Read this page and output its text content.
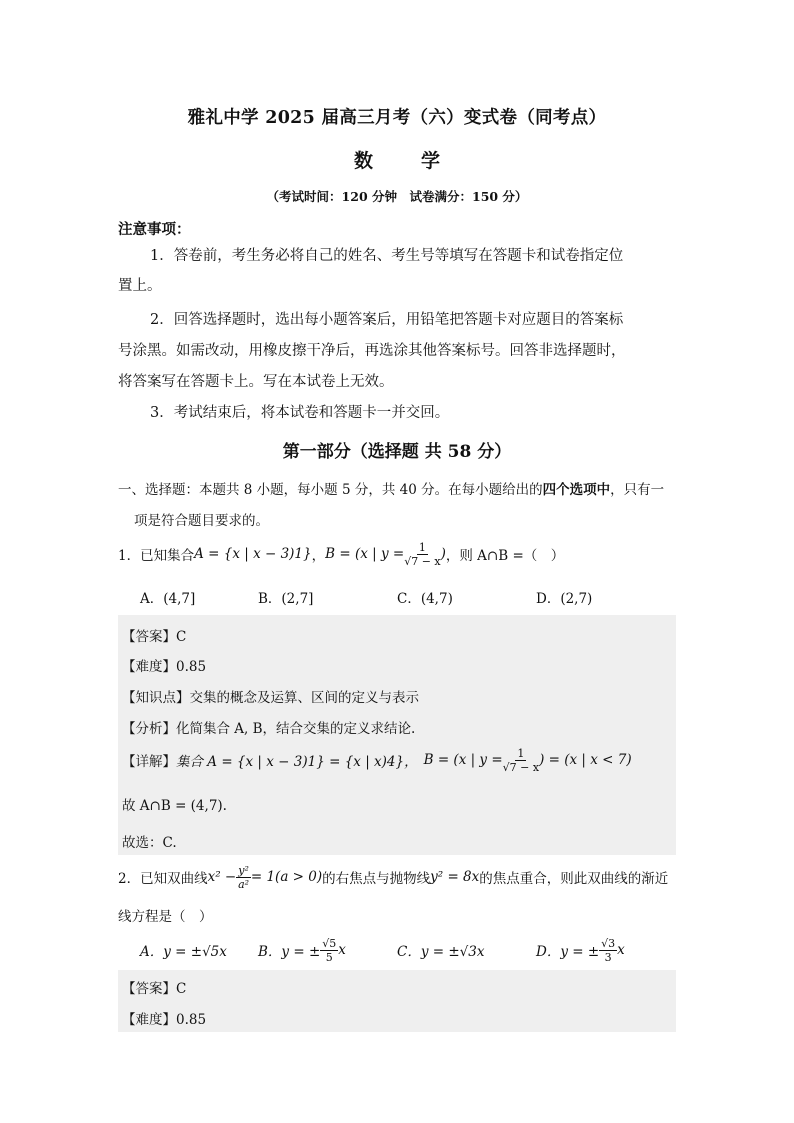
雅礼中学 2025 届高三月考（六）变式卷（同考点）
数	学
（考试时间：120 分钟　试卷满分：150 分）
注意事项：
1．答卷前，考生务必将自己的姓名、考生号等填写在答题卡和试卷指定位
置上。
2．回答选择题时，选出每小题答案后，用铅笔把答题卡对应题目的答案标
号涂黑。如需改动，用橡皮擦干净后，再选涂其他答案标号。回答非选择题时，
将答案写在答题卡上。写在本试卷上无效。
3．考试结束后，将本试卷和答题卡一并交回。
第一部分（选择题 共 58 分）
一、选择题：本题共 8 小题，每小题 5 分，共 40 分。在每小题给出的四个选项中，只有一
项是符合题目要求的。
1．已知集合 A = {x | x − 3)1} ， B = (x | $y = \frac{1}{√7 - x}$ ) ，则 A∩B =（　）
A．(4,7]	B．(2,7]	C．(4,7)	D．(2,7)
【答案】C
【难度】0.85
【知识点】交集的概念及运算、区间的定义与表示
【分析】化简集合 A, B，结合交集的定义求结论.
【详解】 集合 A = {x | x − 3)1} = {x | x)4}， B = (x | $y = \frac{1}{√7 - x}$ ) = (x | x < 7)
故 A∩B = (4,7).
故选：C.
2．已知双曲线 $x^2 - \frac{\text{y²}}{\text{a²}} = 1(a > 0)$ 的右焦点与抛物线 y² = 8x 的焦点重合，则此双曲线的渐近
线方程是（　）
A．y = ±√5x B．y = ± $\frac{√5}{5}$ x	C．y = ±√3x	D．y = ± $\frac{√3}{3}$ x
【答案】C
【难度】0.85
